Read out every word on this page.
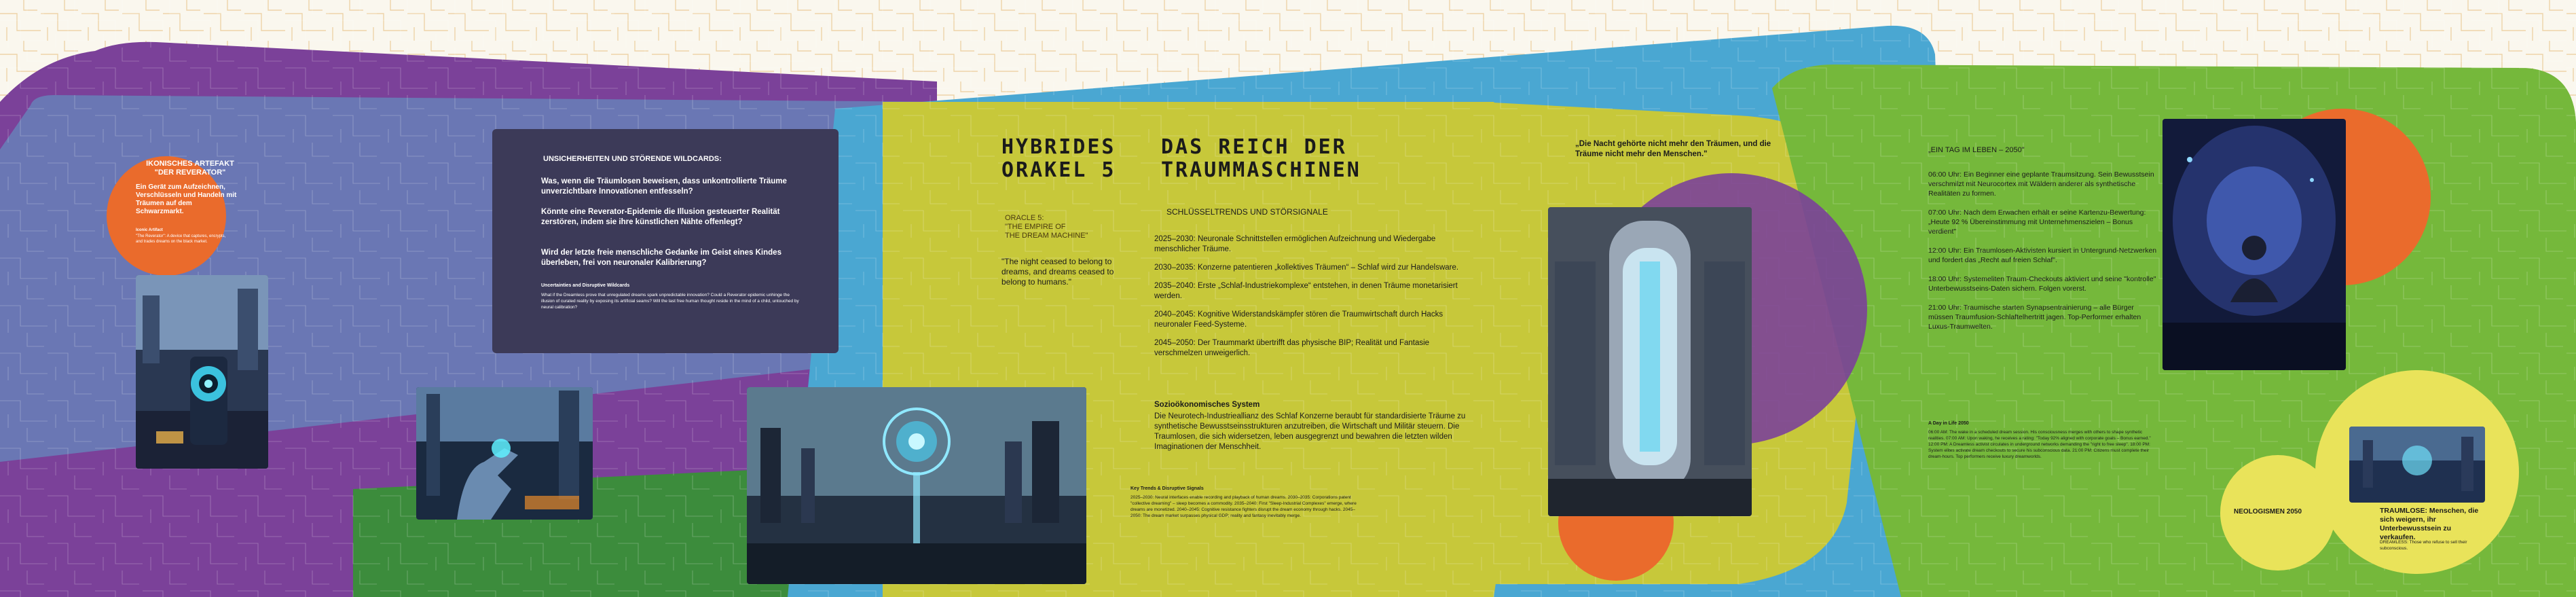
IKONISCHES ARTEFAKT
"DER REVERATOR"
Ein Gerät zum Aufzeichnen, Verschlüsseln und Handeln mit Träumen auf dem Schwarzmarkt.
Iconic Artifact
"The Reverator": A device that captures, encrypts, and trades dreams on the black market.
UNSICHERHEITEN UND STÖRENDE WILDCARDS:
Was, wenn die Träumlosen beweisen, dass unkontrollierte Träume unverzichtbare Innovationen entfesseln?
Könnte eine Reverator-Epidemie die Illusion gesteuerter Realität zerstören, indem sie ihre künstlichen Nähte offenlegt?
Wird der letzte freie menschliche Gedanke im Geist eines Kindes überleben, frei von neuronaler Kalibrierung?
Uncertainties and Disruptive Wildcards
What if the Dreamless prove that unregulated dreams spark unpredictable innovation? Could a Reverator epidemic unhinge the illusion of curated reality by exposing its artificial seams? Will the last free human thought reside in the mind of a child, untouched by neural calibration?
HYBRIDES
ORAKEL 5
DAS REICH DER
TRAUMMASCHINEN
ORACLE 5:
"THE EMPIRE OF
THE DREAM MACHINE"
"The night ceased to belong to dreams, and dreams ceased to belong to humans."
SCHLÜSSELTRENDS UND STÖRSIGNALE

2025–2030: Neuronale Schnittstellen ermöglichen Aufzeichnung und Wiedergabe menschlicher Träume.

2030–2035: Konzerne patentieren „kollektives Träumen“ – Schlaf wird zur Handelsware.

2035–2040: Erste „Schlaf-Industriekomplexe“ entstehen, in denen Träume monetarisiert werden.

2040–2045: Kognitive Widerstandskämpfer stören die Traumwirtschaft durch Hacks neuronaler Feed-Systeme.

2045–2050: Der Traummarkt übertrifft das physische BIP; Realität und Fantasie verschmelzen unweigerlich.

Sozioökonomisches System
Die Neurotech-Industrieallianz des Schlaf Konzerne beraubt für standardisierte Träume zu synthetische Bewusstseinsstrukturen anzutreiben, die Wirtschaft und Militär steuern. Die Traumlosen, die sich widersetzen, leben ausgegrenzt und bewahren die letzten wilden Imaginationen der Menschheit.
Key Trends & Disruptive Signals
2025–2030: Neural interfaces enable recording and playback of human dreams. 2030–2035: Corporations patent "collective dreaming" – sleep becomes a commodity. 2035–2040: First "Sleep-Industrial Complexes" emerge, where dreams are monetized. 2040–2045: Cognitive resistance fighters disrupt the dream economy through hacks. 2045–2050: The dream market surpasses physical GDP; reality and fantasy inevitably merge.
„Die Nacht gehörte nicht mehr den Träumen, und die Träume nicht mehr den Menschen."	„EIN TAG IM LEBEN – 2050"

06:00 Uhr: Ein Beginner eine geplante Traumsitzung. Sein Bewusstsein verschmilzt mit Neurocortex mit Wäldern anderer als synthetische Realitäten zu formen.

07:00 Uhr: Nach dem Erwachen erhält er seine Kartenzu-Bewertung: „Heute 92 % Übereinstimmung mit Unternehmenszielen – Bonus verdient"

12:00 Uhr: Ein Traumlosen-Aktivisten kursiert in Untergrund-Netzwerken und fordert das „Recht auf freien Schlaf".

18:00 Uhr: Systemeliten Traum-Checkouts aktiviert und seine "kontrolle" Unterbewusstseins-Daten sichern. Folgen vorerst.

21:00 Uhr: Traumische starten Synapsentrainierung – alle Bürger müssen Traumfusion-Schlaftelhertritt jagen. Top-Performer erhalten Luxus-Traumwelten.

A Day in Life 2050
06:00 AM: The wake in a scheduled dream session. His consciousness merges with others to shape synthetic realities. 07:00 AM: Upon waking, he receives a rating: "Today 92% aligned with corporate goals – Bonus earned." 12:00 PM: A Dreamless activist circulates in underground networks demanding the "right to free sleep". 18:00 PM: System elites activate dream checkouts to secure his subconscious data. 21:00 PM: Citizens must complete their dream-hours. Top performers receive luxury dreamworlds.
NEOLOGISMEN 2050	TRAUMLOSE: Menschen, die sich weigern, ihr Unterbewusstsein zu verkaufen.
DREAMLESS: Those who refuse to sell their subconscious.
